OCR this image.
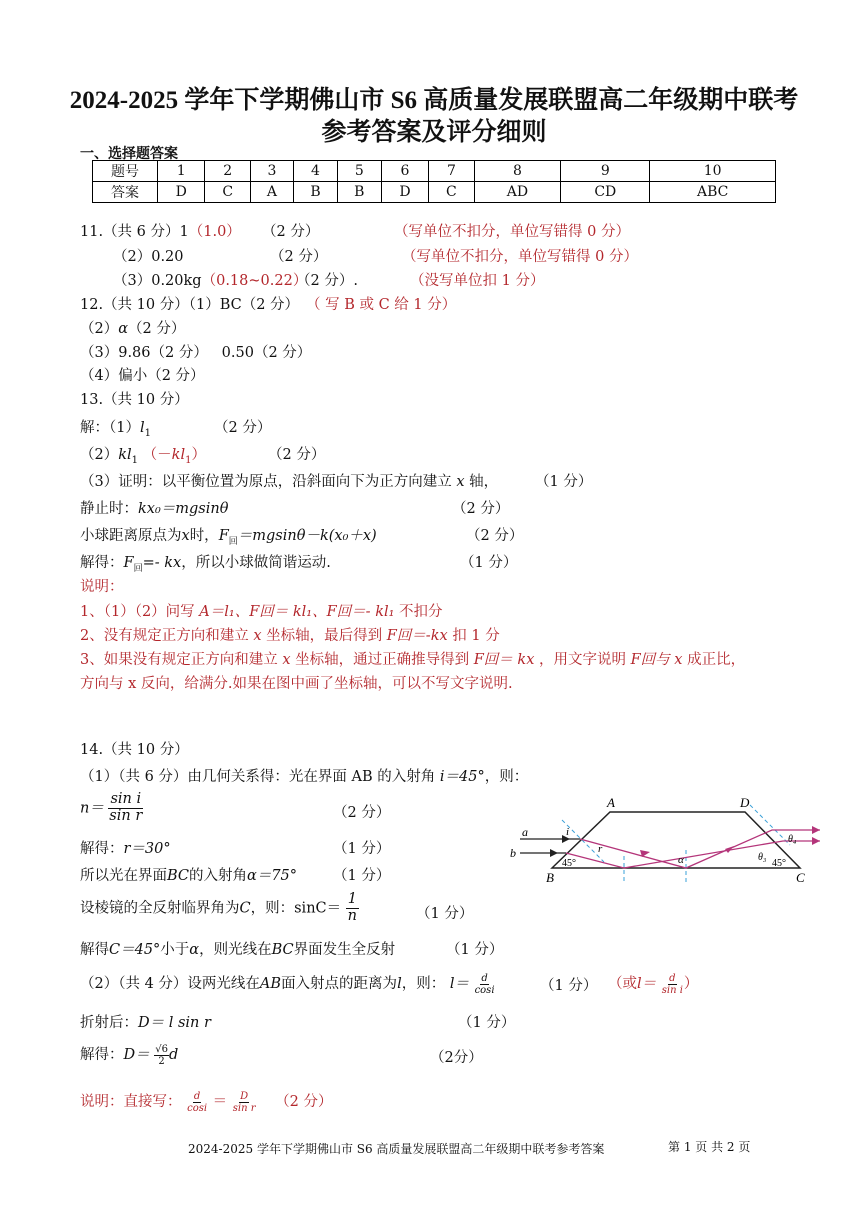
2024-2025 学年下学期佛山市 S6 高质量发展联盟高二年级期中联考
参考答案及评分细则
一、选择题答案
题号	1	2	3	4	5	6	7	8	9	10
答案	D	C	A	B	B	D	C	AD	CD	ABC
11.（共 6 分）1（1.0） （2 分）	（写单位不扣分，单位写错得 0 分）
（2）0.20	（2 分）	（写单位不扣分，单位写错得 0 分）
（3）0.20kg（0.18~0.22）
（2 分）.	（没写单位扣 1 分）
12.（共 10 分）（1）BC（2 分） （ 写 B 或 C 给 1 分）
（2）α（2 分）
（3）9.86（2 分）   0.50（2 分）
（4）偏小（2 分）
13.（共 10 分）
解：$(1)l_1$	（2 分）
$(2)kl_1$ $(-kl_1)$	（2 分）
（3）证明：以平衡位置为原点，沿斜面向下为正方向建立 x 轴，	（1 分）
静止时：kx₀＝mgsinθ	（2 分）
小球距离原点为x时，$F_回=mgsin\theta-k(x_0+x)$	（2 分）
解得：$F_回=-$ kx，所以小球做简谐运动.	（1 分）
说明：
1、（1）（2）问写 A＝l₁、F回＝ kl₁、F回＝- kl₁ 不扣分
2、没有规定正方向和建立 x 坐标轴，最后得到 F回＝-kx 扣 1 分
3、如果没有规定正方向和建立 x 坐标轴，通过正确推导得到 F回＝ kx ，用文字说明 F回与 x 成正比，
方向与 x 反向，给满分.如果在图中画了坐标轴，可以不写文字说明.
14.（共 10 分）
（1）（共 6 分）由几何关系得：光在界面 AB 的入射角 i＝45°，则：
$n= \frac{\text{sin i}}{\text{sin r}}$	（2 分）
解得：r＝30°	（1 分）
所以光在界面BC的入射角α＝75° （1 分）
设棱镜的全反射临界角为C，则：$\sin C= \frac{1}{n}$	（1 分）
解得C＝45°小于α，则光线在BC界面发生全反射	（1 分）
（2）（共 4 分）设两光线在AB面入射点的距离为l，则： $l= \frac{d}{\cos i}$	（1 分） （或$l= \frac{d}{\text{sin i}}$ ）
折射后：D＝ l sin r	（1 分）
解得：$D= \frac{√6}{2}$ d	（2分）
说明：直接写： $\frac{d}{\cos i} = \frac{D}{\text{sin r}} (2$ 分）
A	D
B	C
a
b
i
r
α	θ₃
θ₄
45°	45°
2024-2025 学年下学期佛山市 S6 高质量发展联盟高二年级期中联考参考答案	第 1 页 共 2 页
